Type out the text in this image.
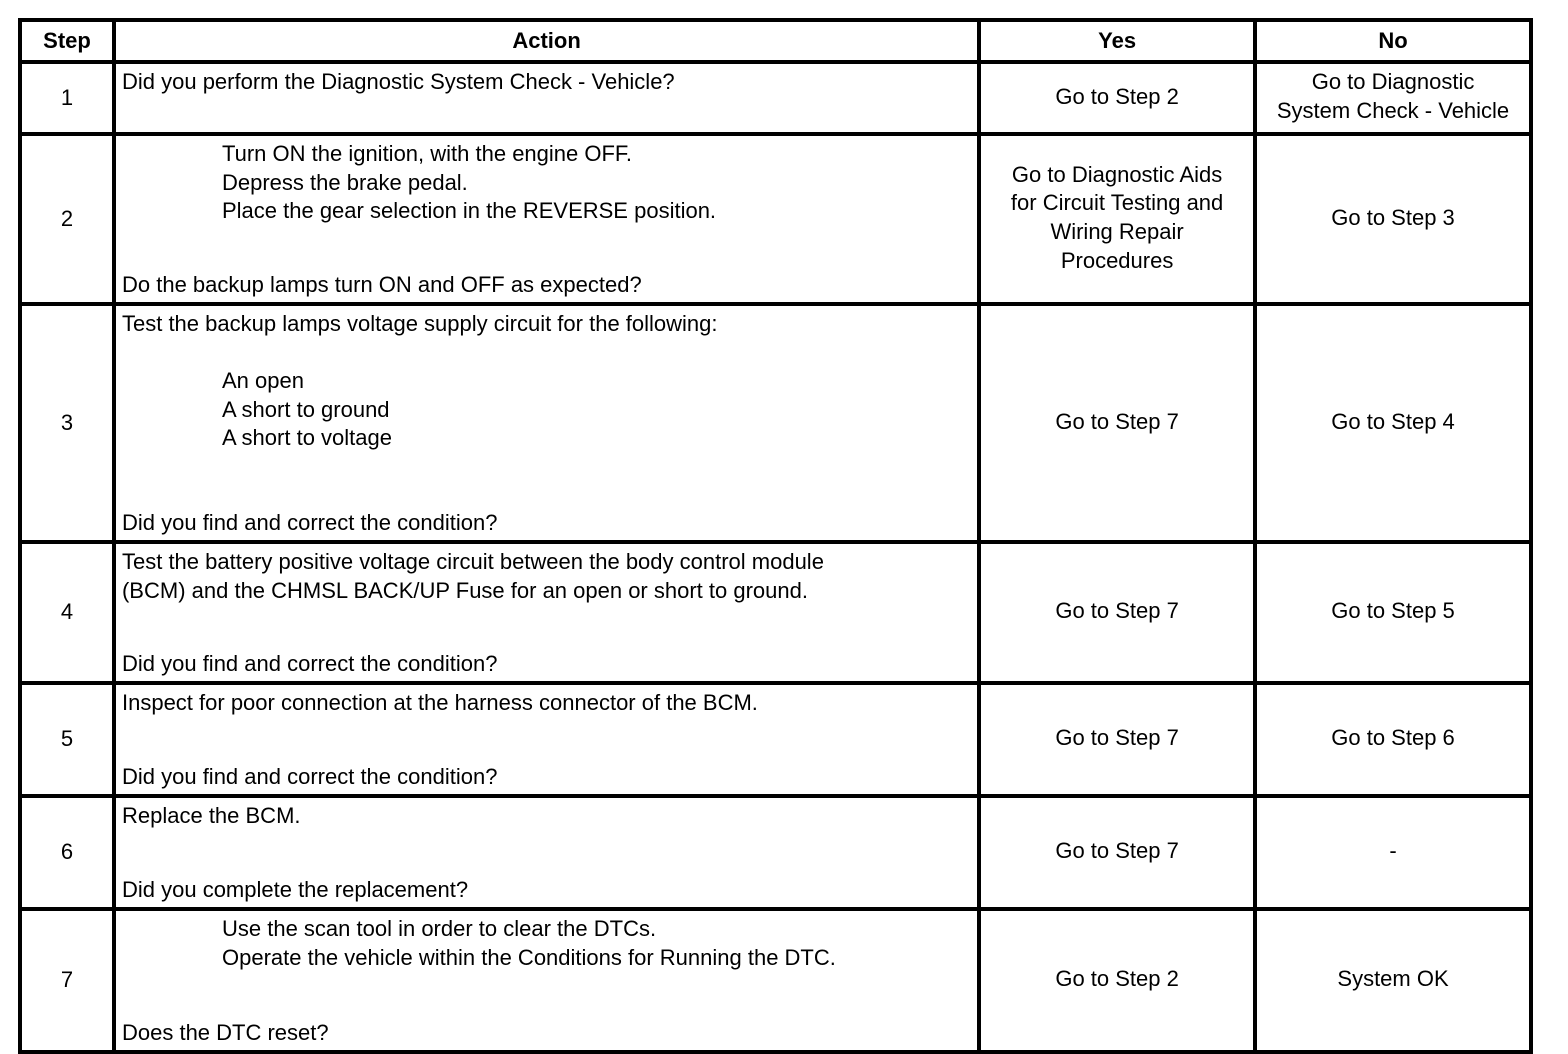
Step	Action	Yes	No
1	Did you perform the Diagnostic System Check - Vehicle?	Go to Step 2	Go to Diagnostic
System Check - Vehicle

2	Turn ON the ignition, with the engine OFF.
Depress the brake pedal.
Place the gear selection in the REVERSE position.
Do the backup lamps turn ON and OFF as expected?	Go to Diagnostic Aids
for Circuit Testing and
Wiring Repair
Procedures	Go to Step 3

3	Test the backup lamps voltage supply circuit for the following:
An open
A short to ground
A short to voltage
Did you find and correct the condition?	Go to Step 7	Go to Step 4

4	Test the battery positive voltage circuit between the body control module
(BCM) and the CHMSL BACK/UP Fuse for an open or short to ground.
Did you find and correct the condition?	Go to Step 7	Go to Step 5

5	Inspect for poor connection at the harness connector of the BCM.
Did you find and correct the condition?	Go to Step 7	Go to Step 6

6	Replace the BCM.
Did you complete the replacement?	Go to Step 7	-

7	Use the scan tool in order to clear the DTCs.
Operate the vehicle within the Conditions for Running the DTC.
Does the DTC reset?	Go to Step 2	System OK
